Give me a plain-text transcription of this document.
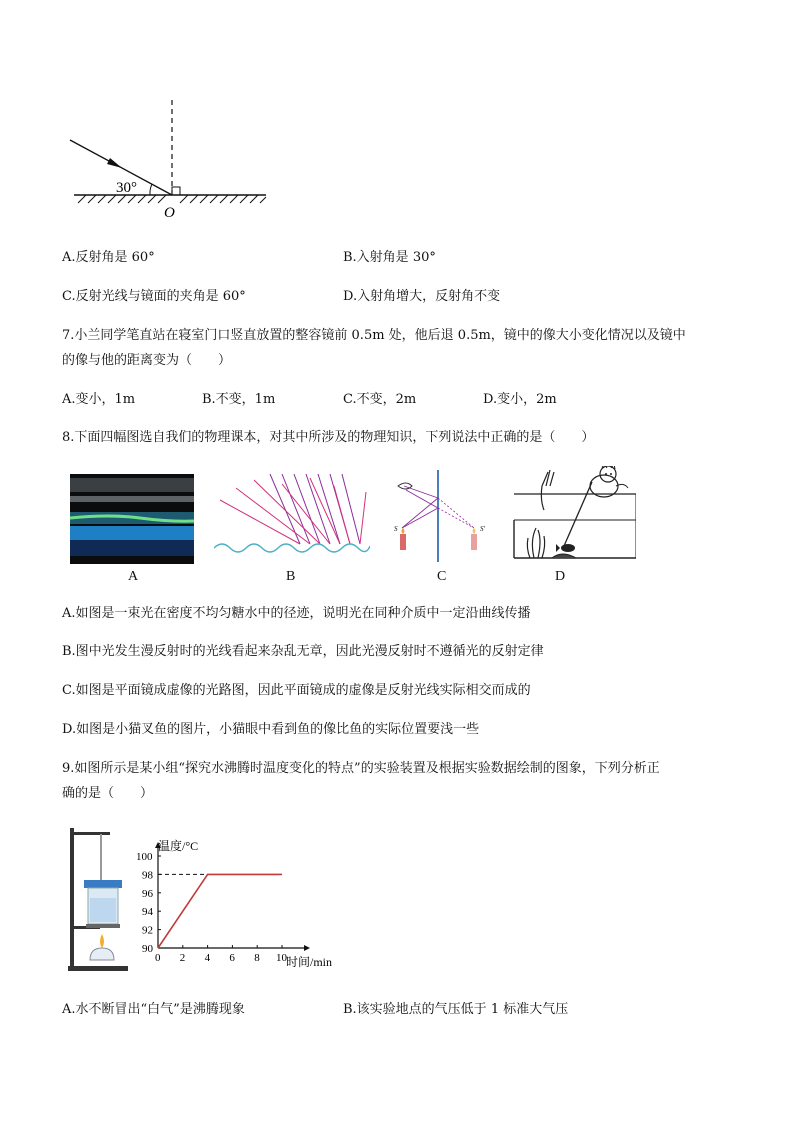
30°
O
A.反射角是 60°	B.入射角是 30°
C.反射光线与镜面的夹角是 60°	D.入射角增大，反射角不变
7.小兰同学笔直站在寝室门口竖直放置的整容镜前 0.5m 处，他后退 0.5m，镜中的像大小变化情况以及镜中
的像与他的距离变为（　　）
A.变小，1m	B.不变，1m	C.不变，2m	D.变小，2m
8.下面四幅图选自我们的物理课本，对其中所涉及的物理知识，下列说法中正确的是（　　）
A	B
S	S'
C	D
A.如图是一束光在密度不均匀糖水中的径迹，说明光在同种介质中一定沿曲线传播
B.图中光发生漫反射时的光线看起来杂乱无章，因此光漫反射时不遵循光的反射定律
C.如图是平面镜成虚像的光路图，因此平面镜成的虚像是反射光线实际相交而成的
D.如图是小猫叉鱼的图片，小猫眼中看到鱼的像比鱼的实际位置要浅一些
9.如图所示是某小组“探究水沸腾时温度变化的特点”的实验装置及根据实验数据绘制的图象，下列分析正
确的是（　　）
0 2 4 6 8 10
90
92
94
96
98
100
温度/°C
时间/min
A.水不断冒出“白气”是沸腾现象	B.该实验地点的气压低于 1 标准大气压
